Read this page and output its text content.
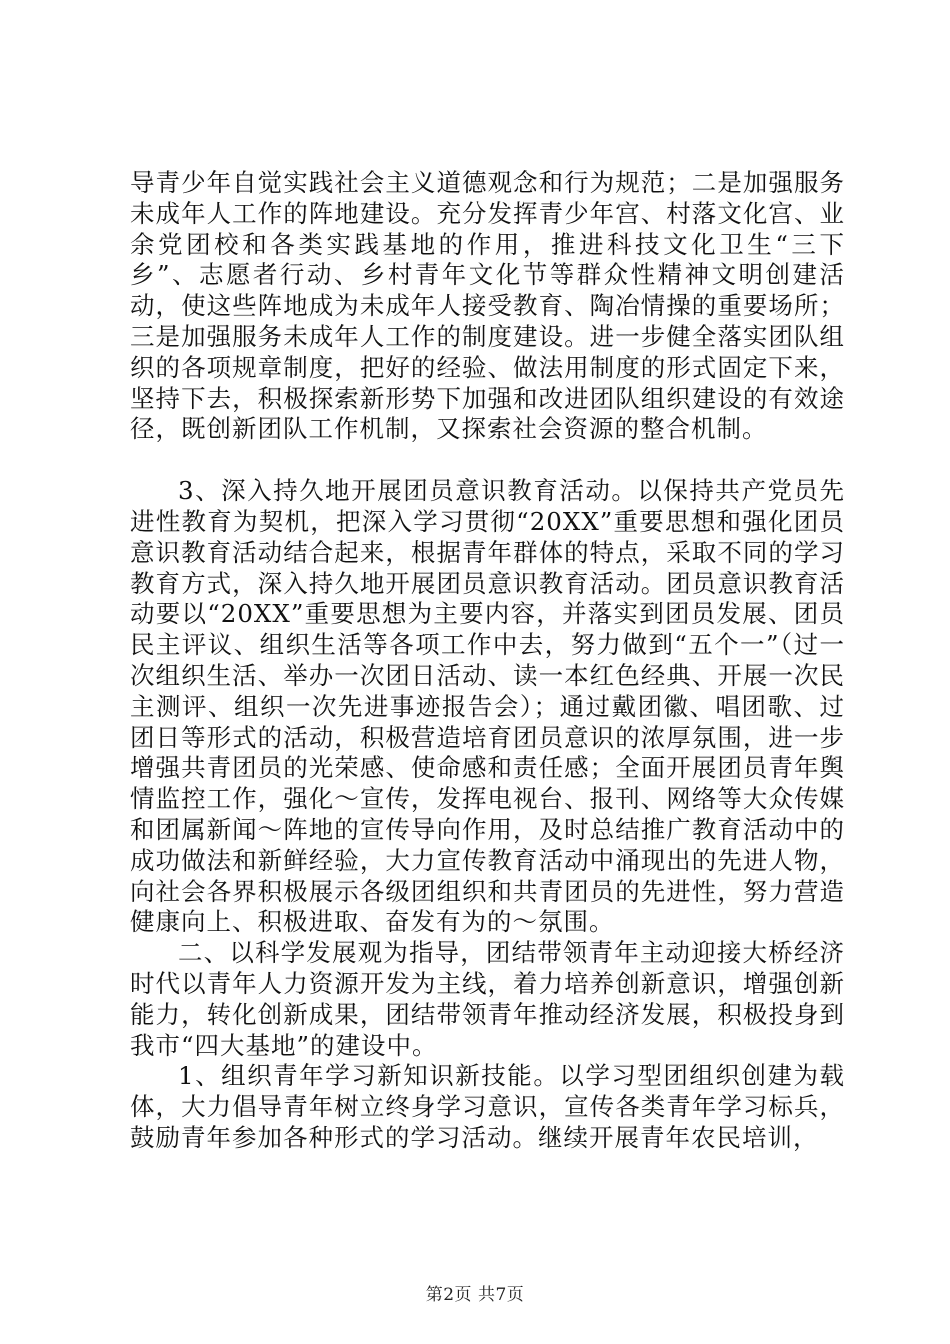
导青少年自觉实践社会主义道德观念和行为规范；二是加强服务未成年人工作的阵地建设。充分发挥青少年宫、村落文化宫、业余党团校和各类实践基地的作用，推进科技文化卫生“三下乡”、志愿者行动、乡村青年文化节等群众性精神文明创建活动，使这些阵地成为未成年人接受教育、陶冶情操的重要场所；三是加强服务未成年人工作的制度建设。进一步健全落实团队组织的各项规章制度，把好的经验、做法用制度的形式固定下来，坚持下去，积极探索新形势下加强和改进团队组织建设的有效途径，既创新团队工作机制，又探索社会资源的整合机制。

3、深入持久地开展团员意识教育活动。以保持共产党员先进性教育为契机，把深入学习贯彻“20XX”重要思想和强化团员意识教育活动结合起来，根据青年群体的特点，采取不同的学习教育方式，深入持久地开展团员意识教育活动。团员意识教育活动要以“20XX”重要思想为主要内容，并落实到团员发展、团员民主评议、组织生活等各项工作中去，努力做到“五个一”（过一次组织生活、举办一次团日活动、读一本红色经典、开展一次民主测评、组织一次先进事迹报告会）；通过戴团徽、唱团歌、过团日等形式的活动，积极营造培育团员意识的浓厚氛围，进一步增强共青团员的光荣感、使命感和责任感；全面开展团员青年舆情监控工作，强化～宣传，发挥电视台、报刊、网络等大众传媒和团属新闻～阵地的宣传导向作用，及时总结推广教育活动中的成功做法和新鲜经验，大力宣传教育活动中涌现出的先进人物，向社会各界积极展示各级团组织和共青团员的先进性，努力营造健康向上、积极进取、奋发有为的～氛围。

二、以科学发展观为指导，团结带领青年主动迎接大桥经济时代以青年人力资源开发为主线，着力培养创新意识，增强创新能力，转化创新成果，团结带领青年推动经济发展，积极投身到我市“四大基地”的建设中。

1、组织青年学习新知识新技能。以学习型团组织创建为载体，大力倡导青年树立终身学习意识，宣传各类青年学习标兵，鼓励青年参加各种形式的学习活动。继续开展青年农民培训，

第2页 共7页
